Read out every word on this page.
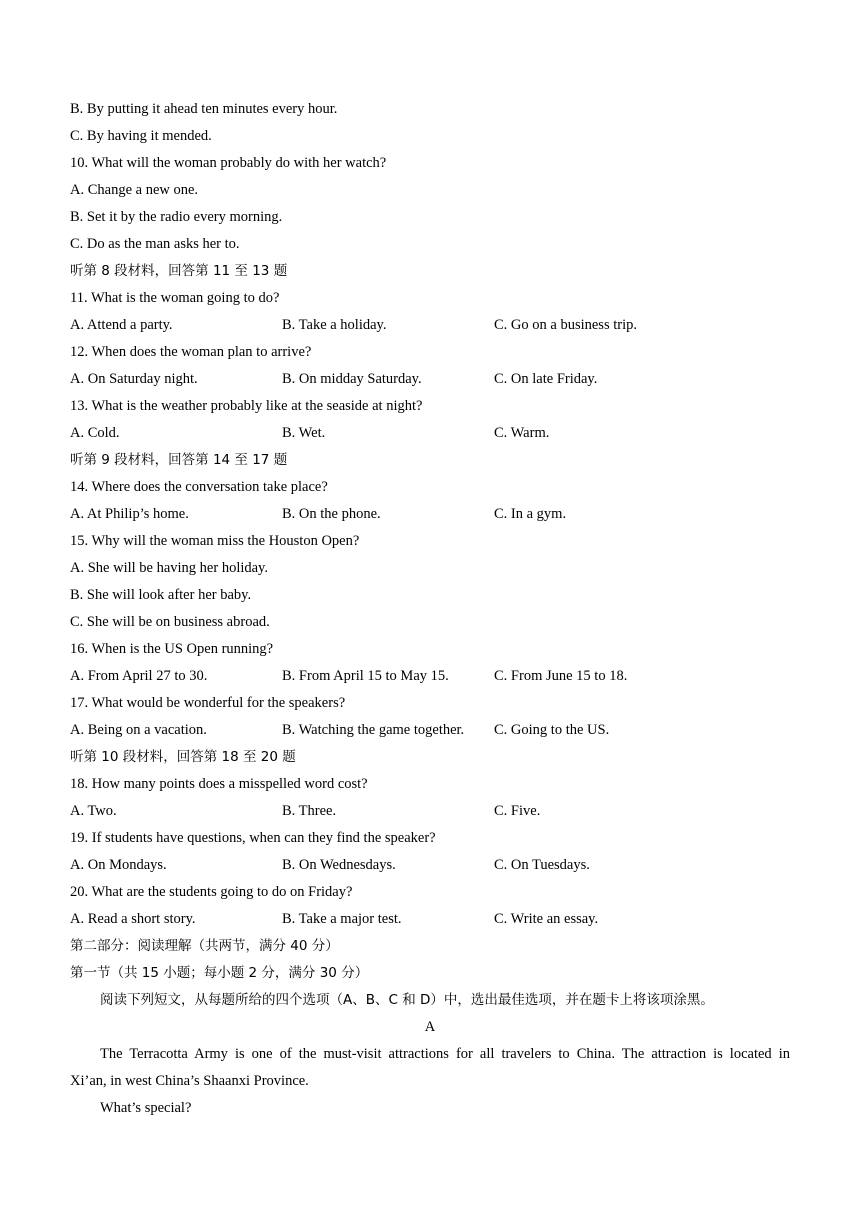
B. By putting it ahead ten minutes every hour.
C. By having it mended.
10. What will the woman probably do with her watch?
A. Change a new one.
B. Set it by the radio every morning.
C. Do as the man asks her to.
听第 8 段材料，回答第 11 至 13 题
11. What is the woman going to do?
A. Attend a party.	B. Take a holiday.	C. Go on a business trip.
12. When does the woman plan to arrive?
A. On Saturday night.	B. On midday Saturday.	C. On late Friday.
13. What is the weather probably like at the seaside at night?
A. Cold.	B. Wet.	C. Warm.
听第 9 段材料，回答第 14 至 17 题
14. Where does the conversation take place?
A. At Philip’s home.	B. On the phone.	C. In a gym.
15. Why will the woman miss the Houston Open?
A. She will be having her holiday.
B. She will look after her baby.
C. She will be on business abroad.
16. When is the US Open running?
A. From April 27 to 30.	B. From April 15 to May 15.	C. From June 15 to 18.
17. What would be wonderful for the speakers?
A. Being on a vacation.	B. Watching the game together. C. Going to the US.
听第 10 段材料，回答第 18 至 20 题
18. How many points does a misspelled word cost?
A. Two.	B. Three.	C. Five.
19. If students have questions, when can they find the speaker?
A. On Mondays.	B. On Wednesdays.	C. On Tuesdays.
20. What are the students going to do on Friday?
A. Read a short story.	B. Take a major test.	C. Write an essay.
第二部分：阅读理解（共两节，满分 40 分）
第一节（共 15 小题；每小题 2 分，满分 30 分）
阅读下列短文，从每题所给的四个选项（A、B、C 和 D）中，选出最佳选项，并在题卡上将该项涂黑。
A
The Terracotta Army is one of the must-visit attractions for all travelers to China. The attraction is located in
Xi’an, in west China’s Shaanxi Province.
What’s special?
